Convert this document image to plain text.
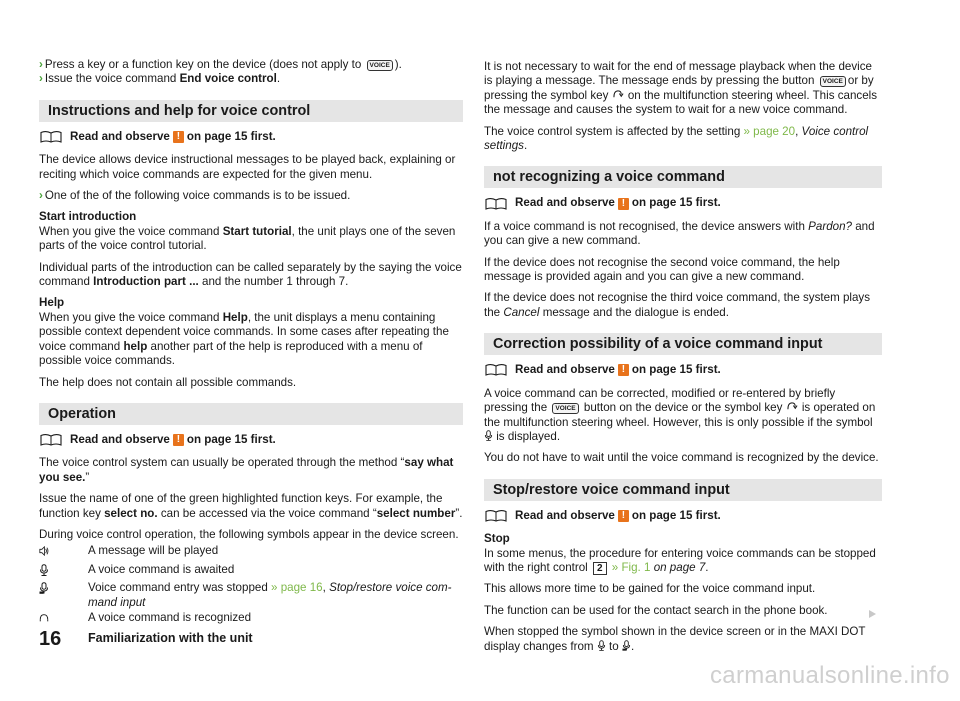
› Press a key or a function key on the device (does not apply to VOICE ).

› Issue the voice command End voice control.

Instructions and help for voice control
Read and observe ! on page 15 first.

The device allows device instructional messages to be played back, explaining or reciting which voice commands are expected for the given menu.

› One of the of the following voice commands is to be issued.

Start introduction
When you give the voice command Start tutorial, the unit plays one of the seven parts of the voice control tutorial.

Individual parts of the introduction can be called separately by the saying the voice command Introduction part ... and the number 1 through 7.

Help
When you give the voice command Help, the unit displays a menu containing possible context dependent voice commands. In some cases after repeating the voice command help another part of the help is reproduced with a menu of possible voice commands.

The help does not contain all possible commands.

Operation
Read and observe ! on page 15 first.

The voice control system can usually be operated through the method “say what you see.”

Issue the name of one of the green highlighted function keys. For example, the function key select no. can be accessed via the voice command “select number”.

During voice control operation, the following symbols appear in the device screen.

A message will be played
A voice command is awaited
Voice command entry was stopped » page 16, Stop/restore voice command input
A voice command is recognized

It is not necessary to wait for the end of message playback when the device is playing a message. The message ends by pressing the button VOICE or by pressing the symbol key on the multifunction steering wheel. This cancels the message and causes the system to wait for a new voice command.

The voice control system is affected by the setting » page 20, Voice control settings.

not recognizing a voice command
Read and observe ! on page 15 first.

If a voice command is not recognised, the device answers with Pardon? and you can give a new command.

If the device does not recognise the second voice command, the help message is provided again and you can give a new command.

If the device does not recognise the third voice command, the system plays the Cancel message and the dialogue is ended.

Correction possibility of a voice command input
Read and observe ! on page 15 first.

A voice command can be corrected, modified or re-entered by briefly pressing the VOICE button on the device or the symbol key is operated on the multifunction steering wheel. However, this is only possible if the symbol  is displayed.

You do not have to wait until the voice command is recognized by the device.

Stop/restore voice command input
Read and observe ! on page 15 first.

Stop
In some menus, the procedure for entering voice commands can be stopped with the right control 2 » Fig. 1 on page 7.

This allows more time to be gained for the voice command input.

The function can be used for the contact search in the phone book.

When stopped the symbol shown in the device screen or in the MAXI DOT display changes from to .

16 Familiarization with the unit
carmanualsonline.info
